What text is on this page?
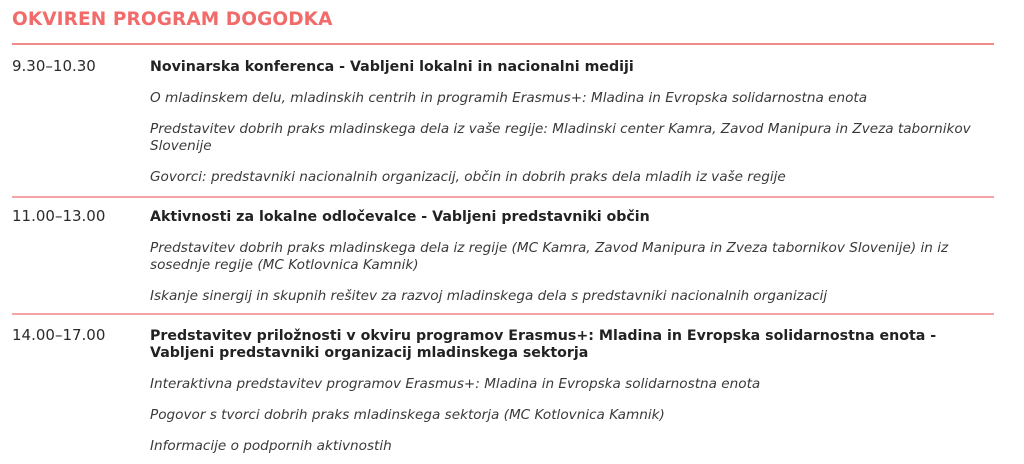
OKVIREN PROGRAM DOGODKA
9.30–10.30	Novinarska konferenca - Vabljeni lokalni in nacionalni mediji

O mladinskem delu, mladinskih centrih in programih Erasmus+: Mladina in Evropska solidarnostna enota

Predstavitev dobrih praks mladinskega dela iz vaše regije: Mladinski center Kamra, Zavod Manipura in Zveza tabornikov Slovenije

Govorci: predstavniki nacionalnih organizacij, občin in dobrih praks dela mladih iz vaše regije

11.00–13.00	Aktivnosti za lokalne odločevalce - Vabljeni predstavniki občin

Predstavitev dobrih praks mladinskega dela iz regije (MC Kamra, Zavod Manipura in Zveza tabornikov Slovenije) in iz sosednje regije (MC Kotlovnica Kamnik)

Iskanje sinergij in skupnih rešitev za razvoj mladinskega dela s predstavniki nacionalnih organizacij

14.00–17.00	Predstavitev priložnosti v okviru programov Erasmus+: Mladina in Evropska solidarnostna enota - Vabljeni predstavniki organizacij mladinskega sektorja

Interaktivna predstavitev programov Erasmus+: Mladina in Evropska solidarnostna enota

Pogovor s tvorci dobrih praks mladinskega sektorja (MC Kotlovnica Kamnik)

Informacije o podpornih aktivnostih
